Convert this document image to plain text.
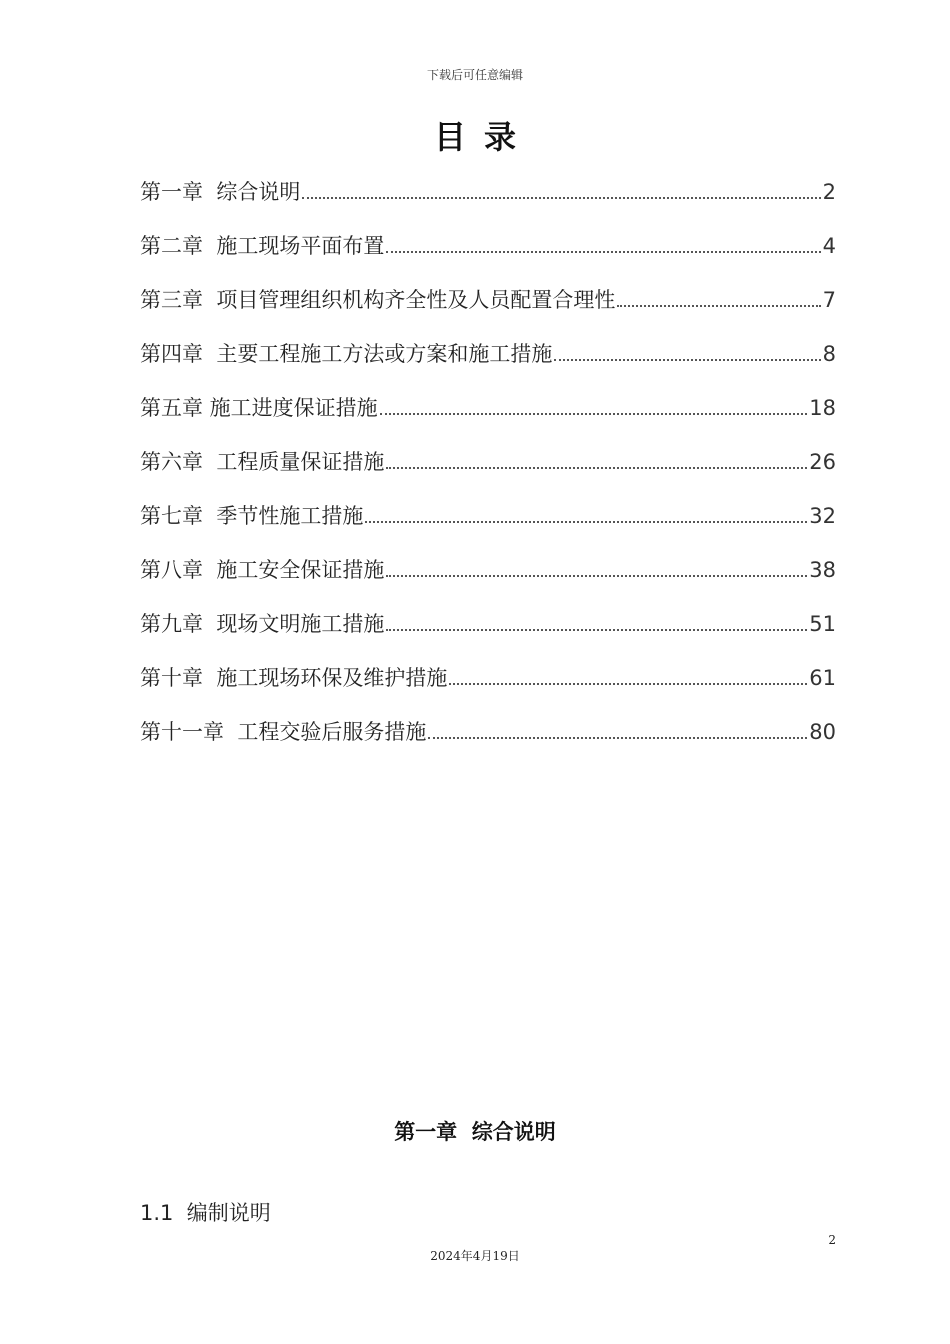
下载后可任意编辑
目录
第一章  综合说明	2
第二章  施工现场平面布置	4
第三章  项目管理组织机构齐全性及人员配置合理性	7
第四章  主要工程施工方法或方案和施工措施	8
第五章 施工进度保证措施	18
第六章  工程质量保证措施	26
第七章  季节性施工措施	32
第八章  施工安全保证措施	38
第九章  现场文明施工措施	51
第十章  施工现场环保及维护措施	61
第十一章  工程交验后服务措施	80
第一章  综合说明
1.1  编制说明
2
2024年4月19日
